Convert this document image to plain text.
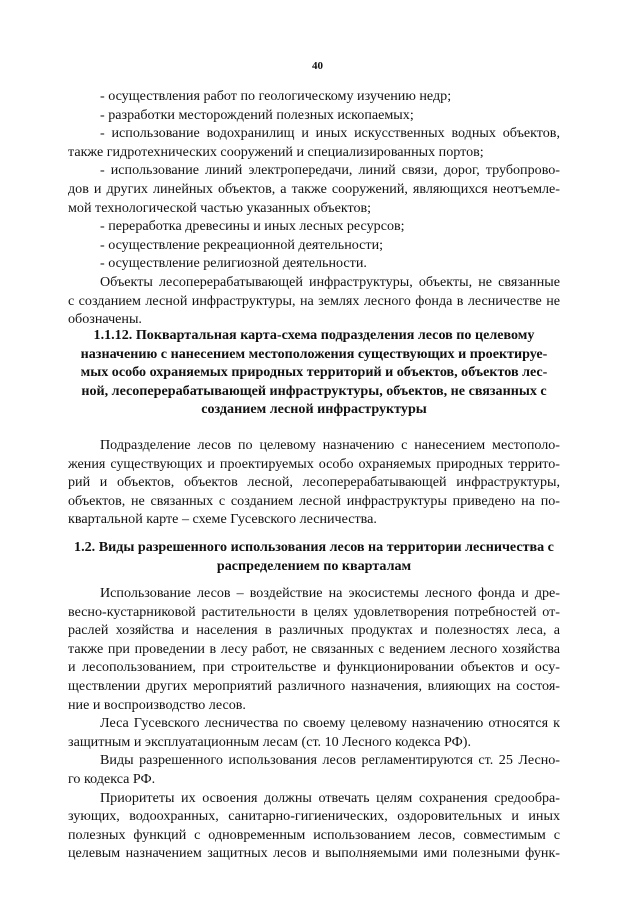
40
- осуществления работ по геологическому изучению недр;
- разработки месторождений полезных ископаемых;
- использование водохранилищ и иных искусственных водных объектов,
также гидротехнических сооружений и специализированных портов;
- использование линий электропередачи, линий связи, дорог, трубопрово-
дов и других линейных объектов, а также сооружений, являющихся неотъемле-
мой технологической частью указанных объектов;
- переработка древесины и иных лесных ресурсов;
- осуществление рекреационной деятельности;
- осуществление религиозной деятельности.
Объекты лесоперерабатывающей инфраструктуры, объекты, не связанные
с созданием лесной инфраструктуры, на землях лесного фонда в лесничестве не
обозначены.
1.1.12. Поквартальная карта-схема подразделения лесов по целевому
назначению с нанесением местоположения существующих и проектируе-
мых особо охраняемых природных территорий и объектов, объектов лес-
ной, лесоперерабатывающей инфраструктуры, объектов, не связанных с
созданием лесной инфраструктуры
Подразделение лесов по целевому назначению с нанесением местополо-
жения существующих и проектируемых особо охраняемых природных террито-
рий и объектов, объектов лесной, лесоперерабатывающей инфраструктуры,
объектов, не связанных с созданием лесной инфраструктуры приведено на по-
квартальной карте – схеме Гусевского лесничества.
1.2. Виды разрешенного использования лесов на территории лесничества с
распределением по кварталам
Использование лесов – воздействие на экосистемы лесного фонда и дре-
весно-кустарниковой растительности в целях удовлетворения потребностей от-
раслей хозяйства и населения в различных продуктах и полезностях леса, а
также при проведении в лесу работ, не связанных с ведением лесного хозяйства
и лесопользованием, при строительстве и функционировании объектов и осу-
ществлении других мероприятий различного назначения, влияющих на состоя-
ние и воспроизводство лесов.
Леса Гусевского лесничества по своему целевому назначению относятся к
защитным и эксплуатационным лесам (ст. 10 Лесного кодекса РФ).
Виды разрешенного использования лесов регламентируются ст. 25 Лесно-
го кодекса РФ.
Приоритеты их освоения должны отвечать целям сохранения средообра-
зующих, водоохранных, санитарно-гигиенических, оздоровительных и иных
полезных функций с одновременным использованием лесов, совместимым с
целевым назначением защитных лесов и выполняемыми ими полезными функ-
